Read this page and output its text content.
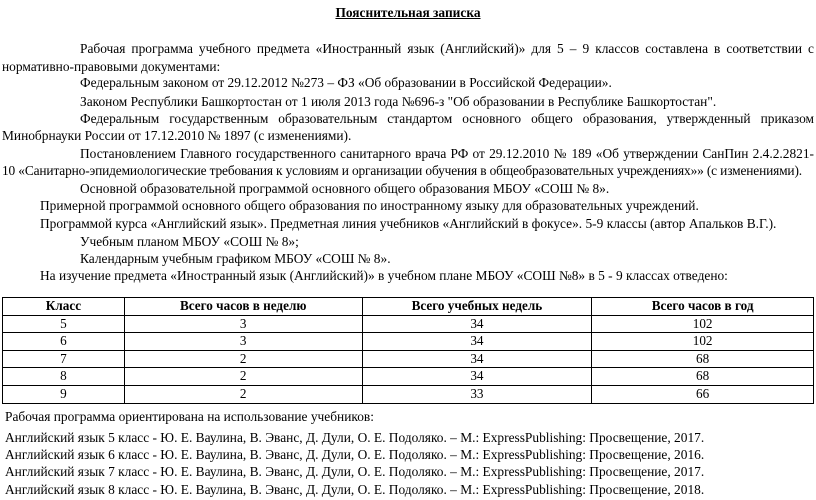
Пояснительная записка
Рабочая программа учебного предмета «Иностранный язык (Английский)» для 5 – 9 классов составлена в соответствии с
нормативно-правовыми документами:
Федеральным законом от 29.12.2012 №273 – ФЗ «Об образовании в Российской Федерации».
Законом Республики Башкортостан от 1 июля 2013 года №696-з "Об образовании в Республике Башкортостан".
Федеральным государственным образовательным стандартом основного общего образования, утвержденный приказом
Минобрнауки России от 17.12.2010 № 1897 (с изменениями).
Постановлением Главного государственного санитарного врача РФ от 29.12.2010 № 189 «Об утверждении СанПин 2.4.2.2821-
10 «Санитарно-эпидемиологические требования к условиям и организации обучения в общеобразовательных учреждениях»» (с изменениями).
Основной образовательной программой основного общего образования МБОУ «СОШ № 8».
Примерной программой основного общего образования по иностранному языку для образовательных учреждений.
Программой курса «Английский язык». Предметная линия учебников «Английский в фокусе». 5-9 классы (автор Апальков В.Г.).
Учебным планом МБОУ «СОШ № 8»;
Календарным учебным графиком МБОУ «СОШ № 8».
На изучение предмета «Иностранный язык (Английский)» в учебном плане МБОУ «СОШ №8» в 5 - 9 классах отведено:
Класс	Всего часов в неделю	Всего учебных недель	Всего часов в год
5	3	34	102
6	3	34	102
7	2	34	68
8	2	34	68
9	2	33	66
Рабочая программа ориентирована на использование учебников:
Английский язык 5 класс - Ю. Е. Ваулина, В. Эванс, Д. Дули, О. Е. Подоляко. – М.: ExpressPublishing: Просвещение, 2017.
Английский язык 6 класс - Ю. Е. Ваулина, В. Эванс, Д. Дули, О. Е. Подоляко. – М.: ExpressPublishing: Просвещение, 2016.
Английский язык 7 класс - Ю. Е. Ваулина, В. Эванс, Д. Дули, О. Е. Подоляко. – М.: ExpressPublishing: Просвещение, 2017.
Английский язык 8 класс - Ю. Е. Ваулина, В. Эванс, Д. Дули, О. Е. Подоляко. – М.: ExpressPublishing: Просвещение, 2018.
